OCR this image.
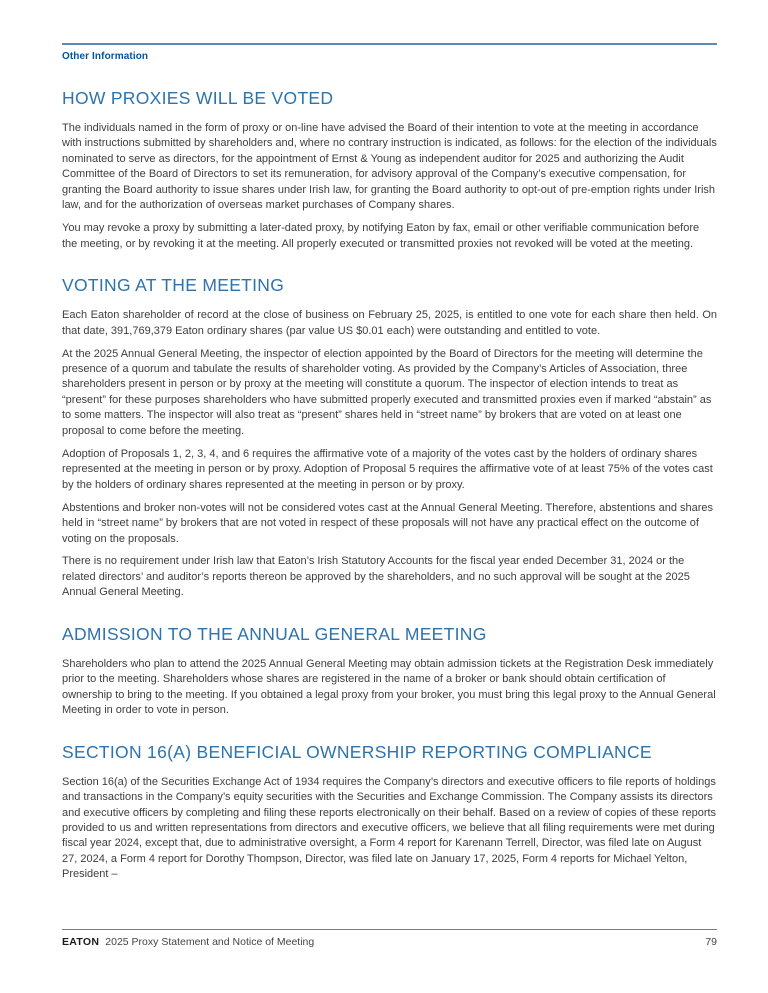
Other Information
HOW PROXIES WILL BE VOTED

The individuals named in the form of proxy or on-line have advised the Board of their intention to vote at the meeting in accordance with instructions submitted by shareholders and, where no contrary instruction is indicated, as follows: for the election of the individuals nominated to serve as directors, for the appointment of Ernst & Young as independent auditor for 2025 and authorizing the Audit Committee of the Board of Directors to set its remuneration, for advisory approval of the Company’s executive compensation, for granting the Board authority to issue shares under Irish law, for granting the Board authority to opt-out of pre-emption rights under Irish law, and for the authorization of overseas market purchases of Company shares.

You may revoke a proxy by submitting a later-dated proxy, by notifying Eaton by fax, email or other verifiable communication before the meeting, or by revoking it at the meeting. All properly executed or transmitted proxies not revoked will be voted at the meeting.

VOTING AT THE MEETING

Each Eaton shareholder of record at the close of business on February 25, 2025, is entitled to one vote for each share then held. On that date, 391,769,379 Eaton ordinary shares (par value US $0.01 each) were outstanding and entitled to vote.

At the 2025 Annual General Meeting, the inspector of election appointed by the Board of Directors for the meeting will determine the presence of a quorum and tabulate the results of shareholder voting. As provided by the Company’s Articles of Association, three shareholders present in person or by proxy at the meeting will constitute a quorum. The inspector of election intends to treat as “present” for these purposes shareholders who have submitted properly executed and transmitted proxies even if marked “abstain” as to some matters. The inspector will also treat as “present” shares held in “street name” by brokers that are voted on at least one proposal to come before the meeting.

Adoption of Proposals 1, 2, 3, 4, and 6 requires the affirmative vote of a majority of the votes cast by the holders of ordinary shares represented at the meeting in person or by proxy. Adoption of Proposal 5 requires the affirmative vote of at least 75% of the votes cast by the holders of ordinary shares represented at the meeting in person or by proxy.

Abstentions and broker non-votes will not be considered votes cast at the Annual General Meeting. Therefore, abstentions and shares held in “street name” by brokers that are not voted in respect of these proposals will not have any practical effect on the outcome of voting on the proposals.

There is no requirement under Irish law that Eaton’s Irish Statutory Accounts for the fiscal year ended December 31, 2024 or the related directors’ and auditor’s reports thereon be approved by the shareholders, and no such approval will be sought at the 2025 Annual General Meeting.

ADMISSION TO THE ANNUAL GENERAL MEETING

Shareholders who plan to attend the 2025 Annual General Meeting may obtain admission tickets at the Registration Desk immediately prior to the meeting. Shareholders whose shares are registered in the name of a broker or bank should obtain certification of ownership to bring to the meeting. If you obtained a legal proxy from your broker, you must bring this legal proxy to the Annual General Meeting in order to vote in person.

SECTION 16(A) BENEFICIAL OWNERSHIP REPORTING COMPLIANCE

Section 16(a) of the Securities Exchange Act of 1934 requires the Company’s directors and executive officers to file reports of holdings and transactions in the Company’s equity securities with the Securities and Exchange Commission. The Company assists its directors and executive officers by completing and filing these reports electronically on their behalf. Based on a review of copies of these reports provided to us and written representations from directors and executive officers, we believe that all filing requirements were met during fiscal year 2024, except that, due to administrative oversight, a Form 4 report for Karenann Terrell, Director, was filed late on August 27, 2024, a Form 4 report for Dorothy Thompson, Director, was filed late on January 17, 2025, Form 4 reports for Michael Yelton, President –

EATON 2025 Proxy Statement and Notice of Meeting	79
